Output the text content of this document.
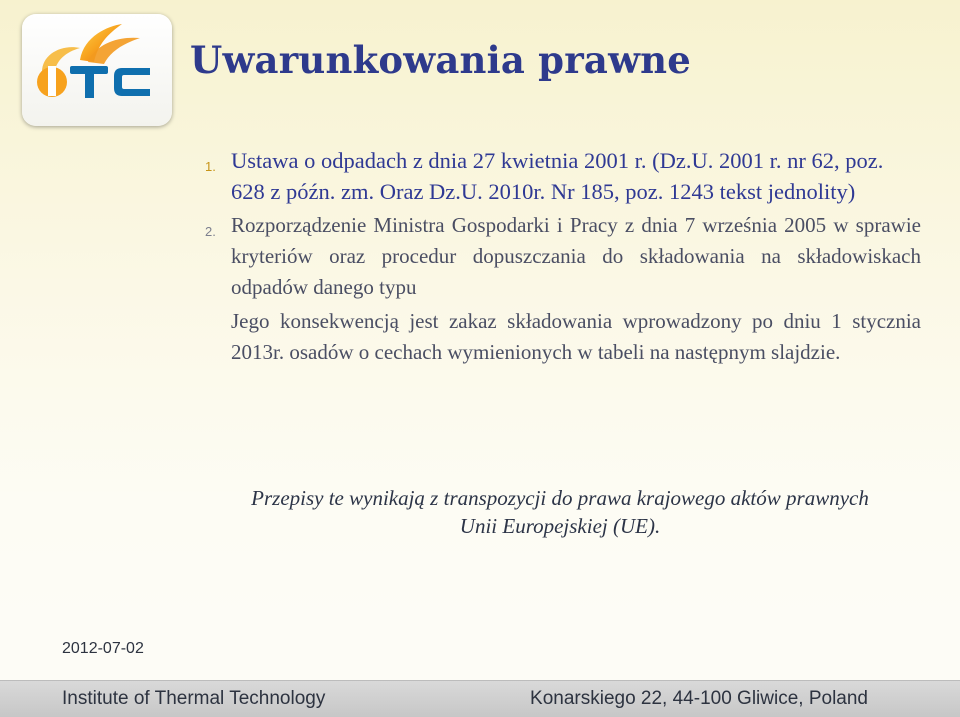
Uwarunkowania prawne
1. Ustawa o odpadach z dnia 27 kwietnia 2001 r. (Dz.U. 2001 r. nr 62, poz. 628 z późn. zm. Oraz Dz.U. 2010r. Nr 185, poz. 1243 tekst jednolity)
2. Rozporządzenie Ministra Gospodarki i Pracy z dnia 7 września 2005 w sprawie kryteriów oraz procedur dopuszczania do składowania na składowiskach odpadów danego typu

Jego konsekwencją jest zakaz składowania wprowadzony po dniu 1 stycznia 2013r. osadów o cechach wymienionych w tabeli na następnym slajdzie.

Przepisy te wynikają z transpozycji do prawa krajowego aktów prawnych Unii Europejskiej (UE).
2012-07-02
Institute of Thermal Technology	Konarskiego 22, 44-100 Gliwice, Poland
